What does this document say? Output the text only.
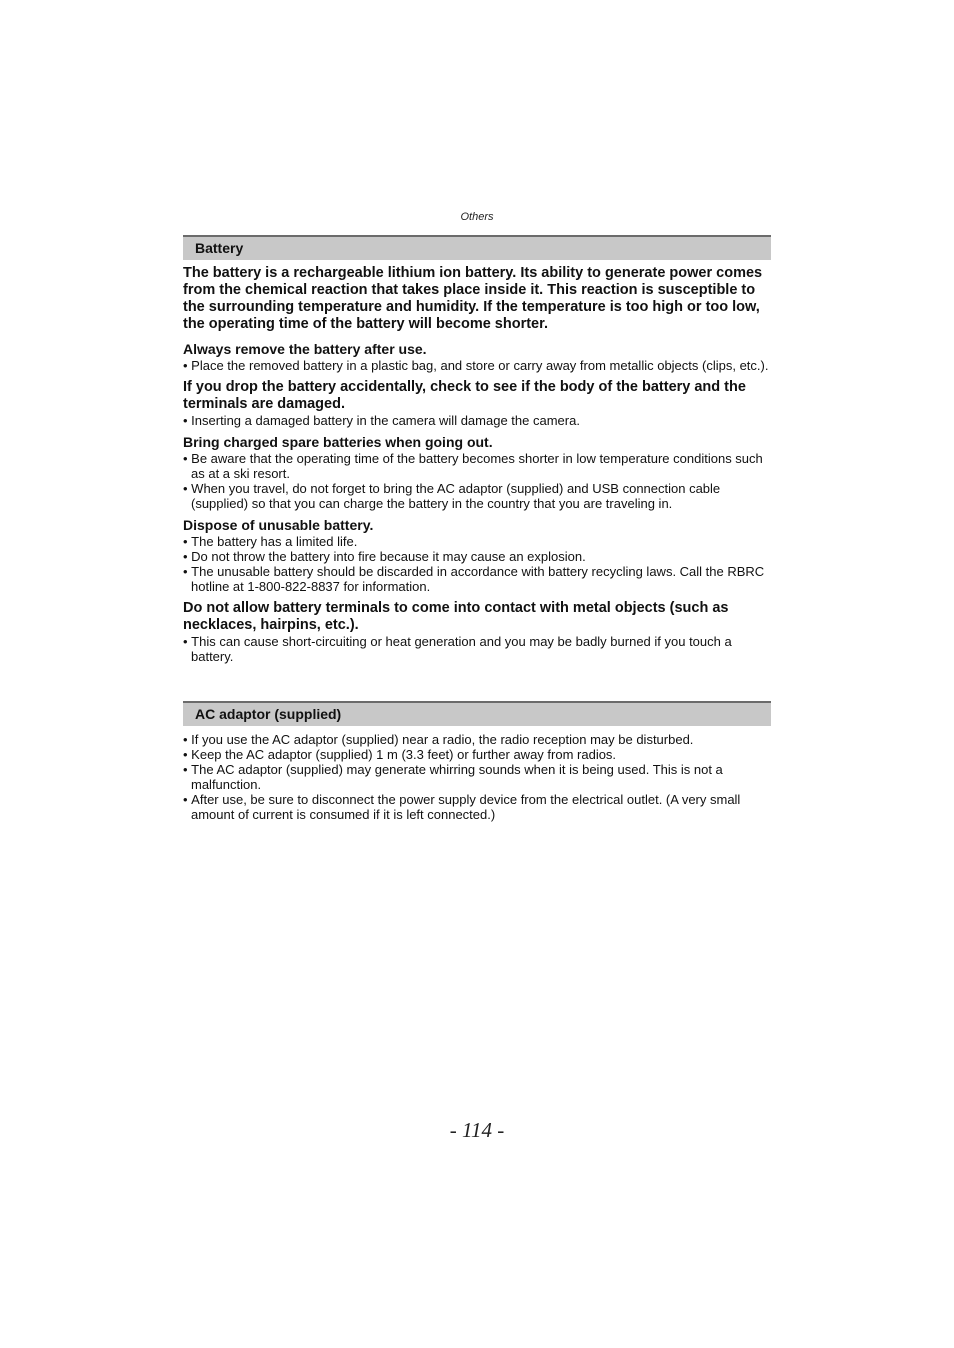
Others
Battery

The battery is a rechargeable lithium ion battery. Its ability to generate power comes from the chemical reaction that takes place inside it. This reaction is susceptible to the surrounding temperature and humidity. If the temperature is too high or too low, the operating time of the battery will become shorter.

Always remove the battery after use.

• Place the removed battery in a plastic bag, and store or carry away from metallic objects (clips, etc.).

If you drop the battery accidentally, check to see if the body of the battery and the terminals are damaged.

• Inserting a damaged battery in the camera will damage the camera.

Bring charged spare batteries when going out.

• Be aware that the operating time of the battery becomes shorter in low temperature conditions such as at a ski resort.
• When you travel, do not forget to bring the AC adaptor (supplied) and USB connection cable (supplied) so that you can charge the battery in the country that you are traveling in.

Dispose of unusable battery.

• The battery has a limited life.
• Do not throw the battery into fire because it may cause an explosion.
• The unusable battery should be discarded in accordance with battery recycling laws. Call the RBRC hotline at 1-800-822-8837 for information.

Do not allow battery terminals to come into contact with metal objects (such as necklaces, hairpins, etc.).

• This can cause short-circuiting or heat generation and you may be badly burned if you touch a battery.
AC adaptor (supplied)
• If you use the AC adaptor (supplied) near a radio, the radio reception may be disturbed.
• Keep the AC adaptor (supplied) 1 m (3.3 feet) or further away from radios.
• The AC adaptor (supplied) may generate whirring sounds when it is being used. This is not a malfunction.
• After use, be sure to disconnect the power supply device from the electrical outlet. (A very small amount of current is consumed if it is left connected.)
- 114 -
